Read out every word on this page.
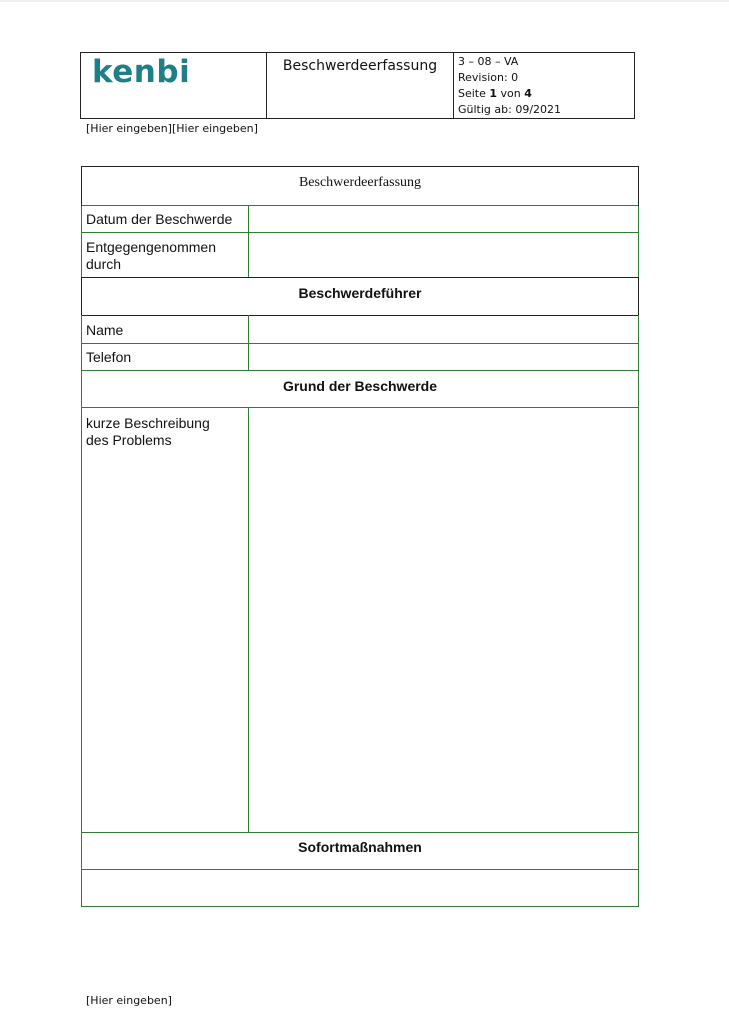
kenbi	Beschwerdeerfassung	3 – 08 – VA
Revision: 0
Seite 1 von 4
Gültig ab: 09/2021
[Hier eingeben][Hier eingeben]
Beschwerdeerfassung
Datum der Beschwerde
Entgegengenommen durch
Beschwerdeführer
Name
Telefon
Grund der Beschwerde
kurze Beschreibung des Problems
Sofortmaßnahmen
[Hier eingeben]
